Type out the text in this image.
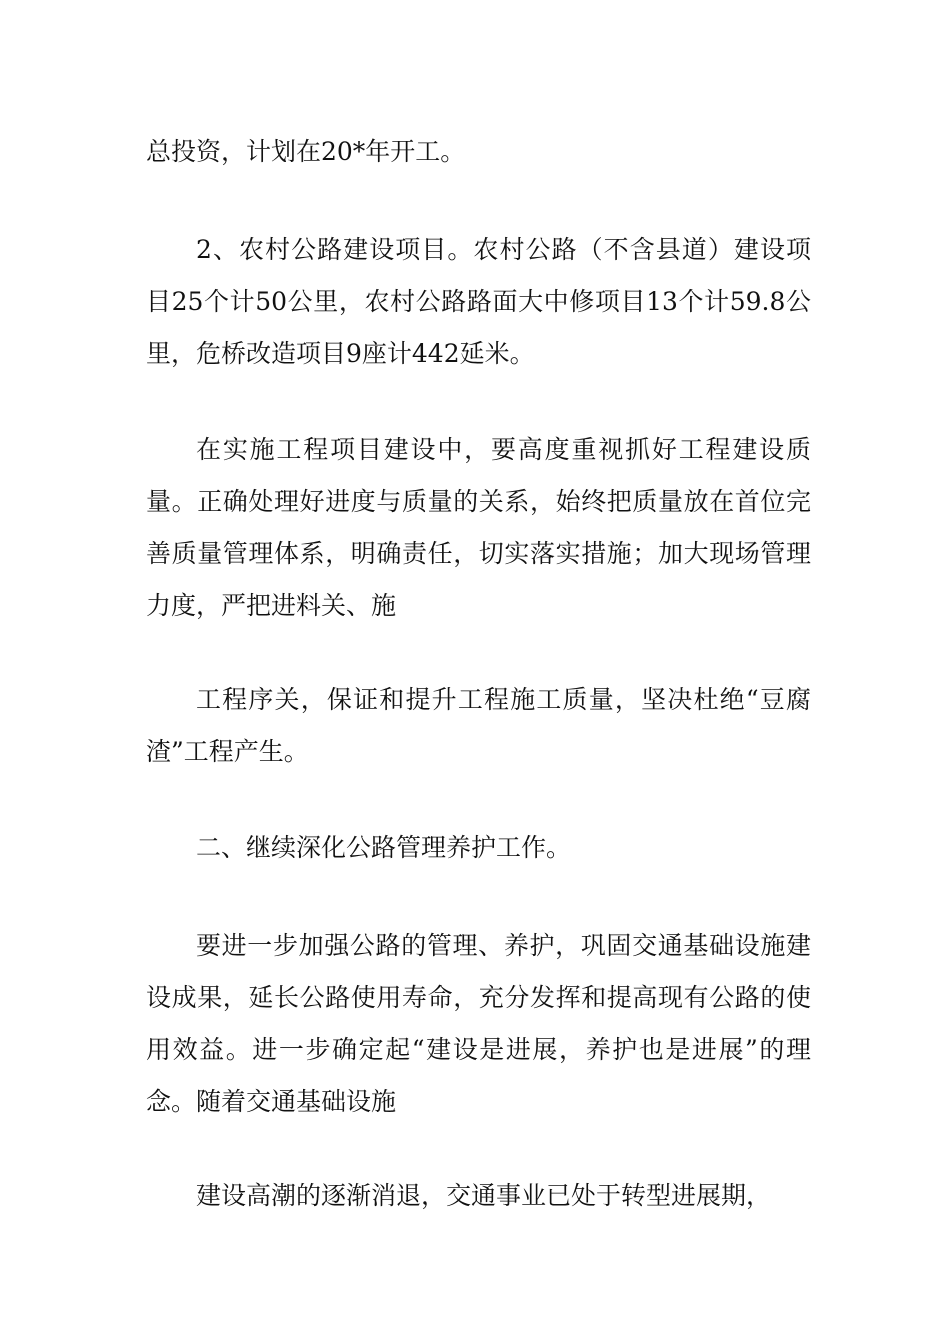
总投资，计划在20*年开工。

2、农村公路建设项目。农村公路（不含县道）建设项目25个计50公里，农村公路路面大中修项目13个计59.8公里，危桥改造项目9座计442延米。

在实施工程项目建设中，要高度重视抓好工程建设质量。正确处理好进度与质量的关系，始终把质量放在首位完善质量管理体系，明确责任，切实落实措施；加大现场管理力度，严把进料关、施

工程序关，保证和提升工程施工质量，坚决杜绝“豆腐渣”工程产生。

二、继续深化公路管理养护工作。

要进一步加强公路的管理、养护，巩固交通基础设施建设成果，延长公路使用寿命，充分发挥和提高现有公路的使用效益。进一步确定起“建设是进展，养护也是进展”的理念。随着交通基础设施

建设高潮的逐渐消退，交通事业已处于转型进展期，
